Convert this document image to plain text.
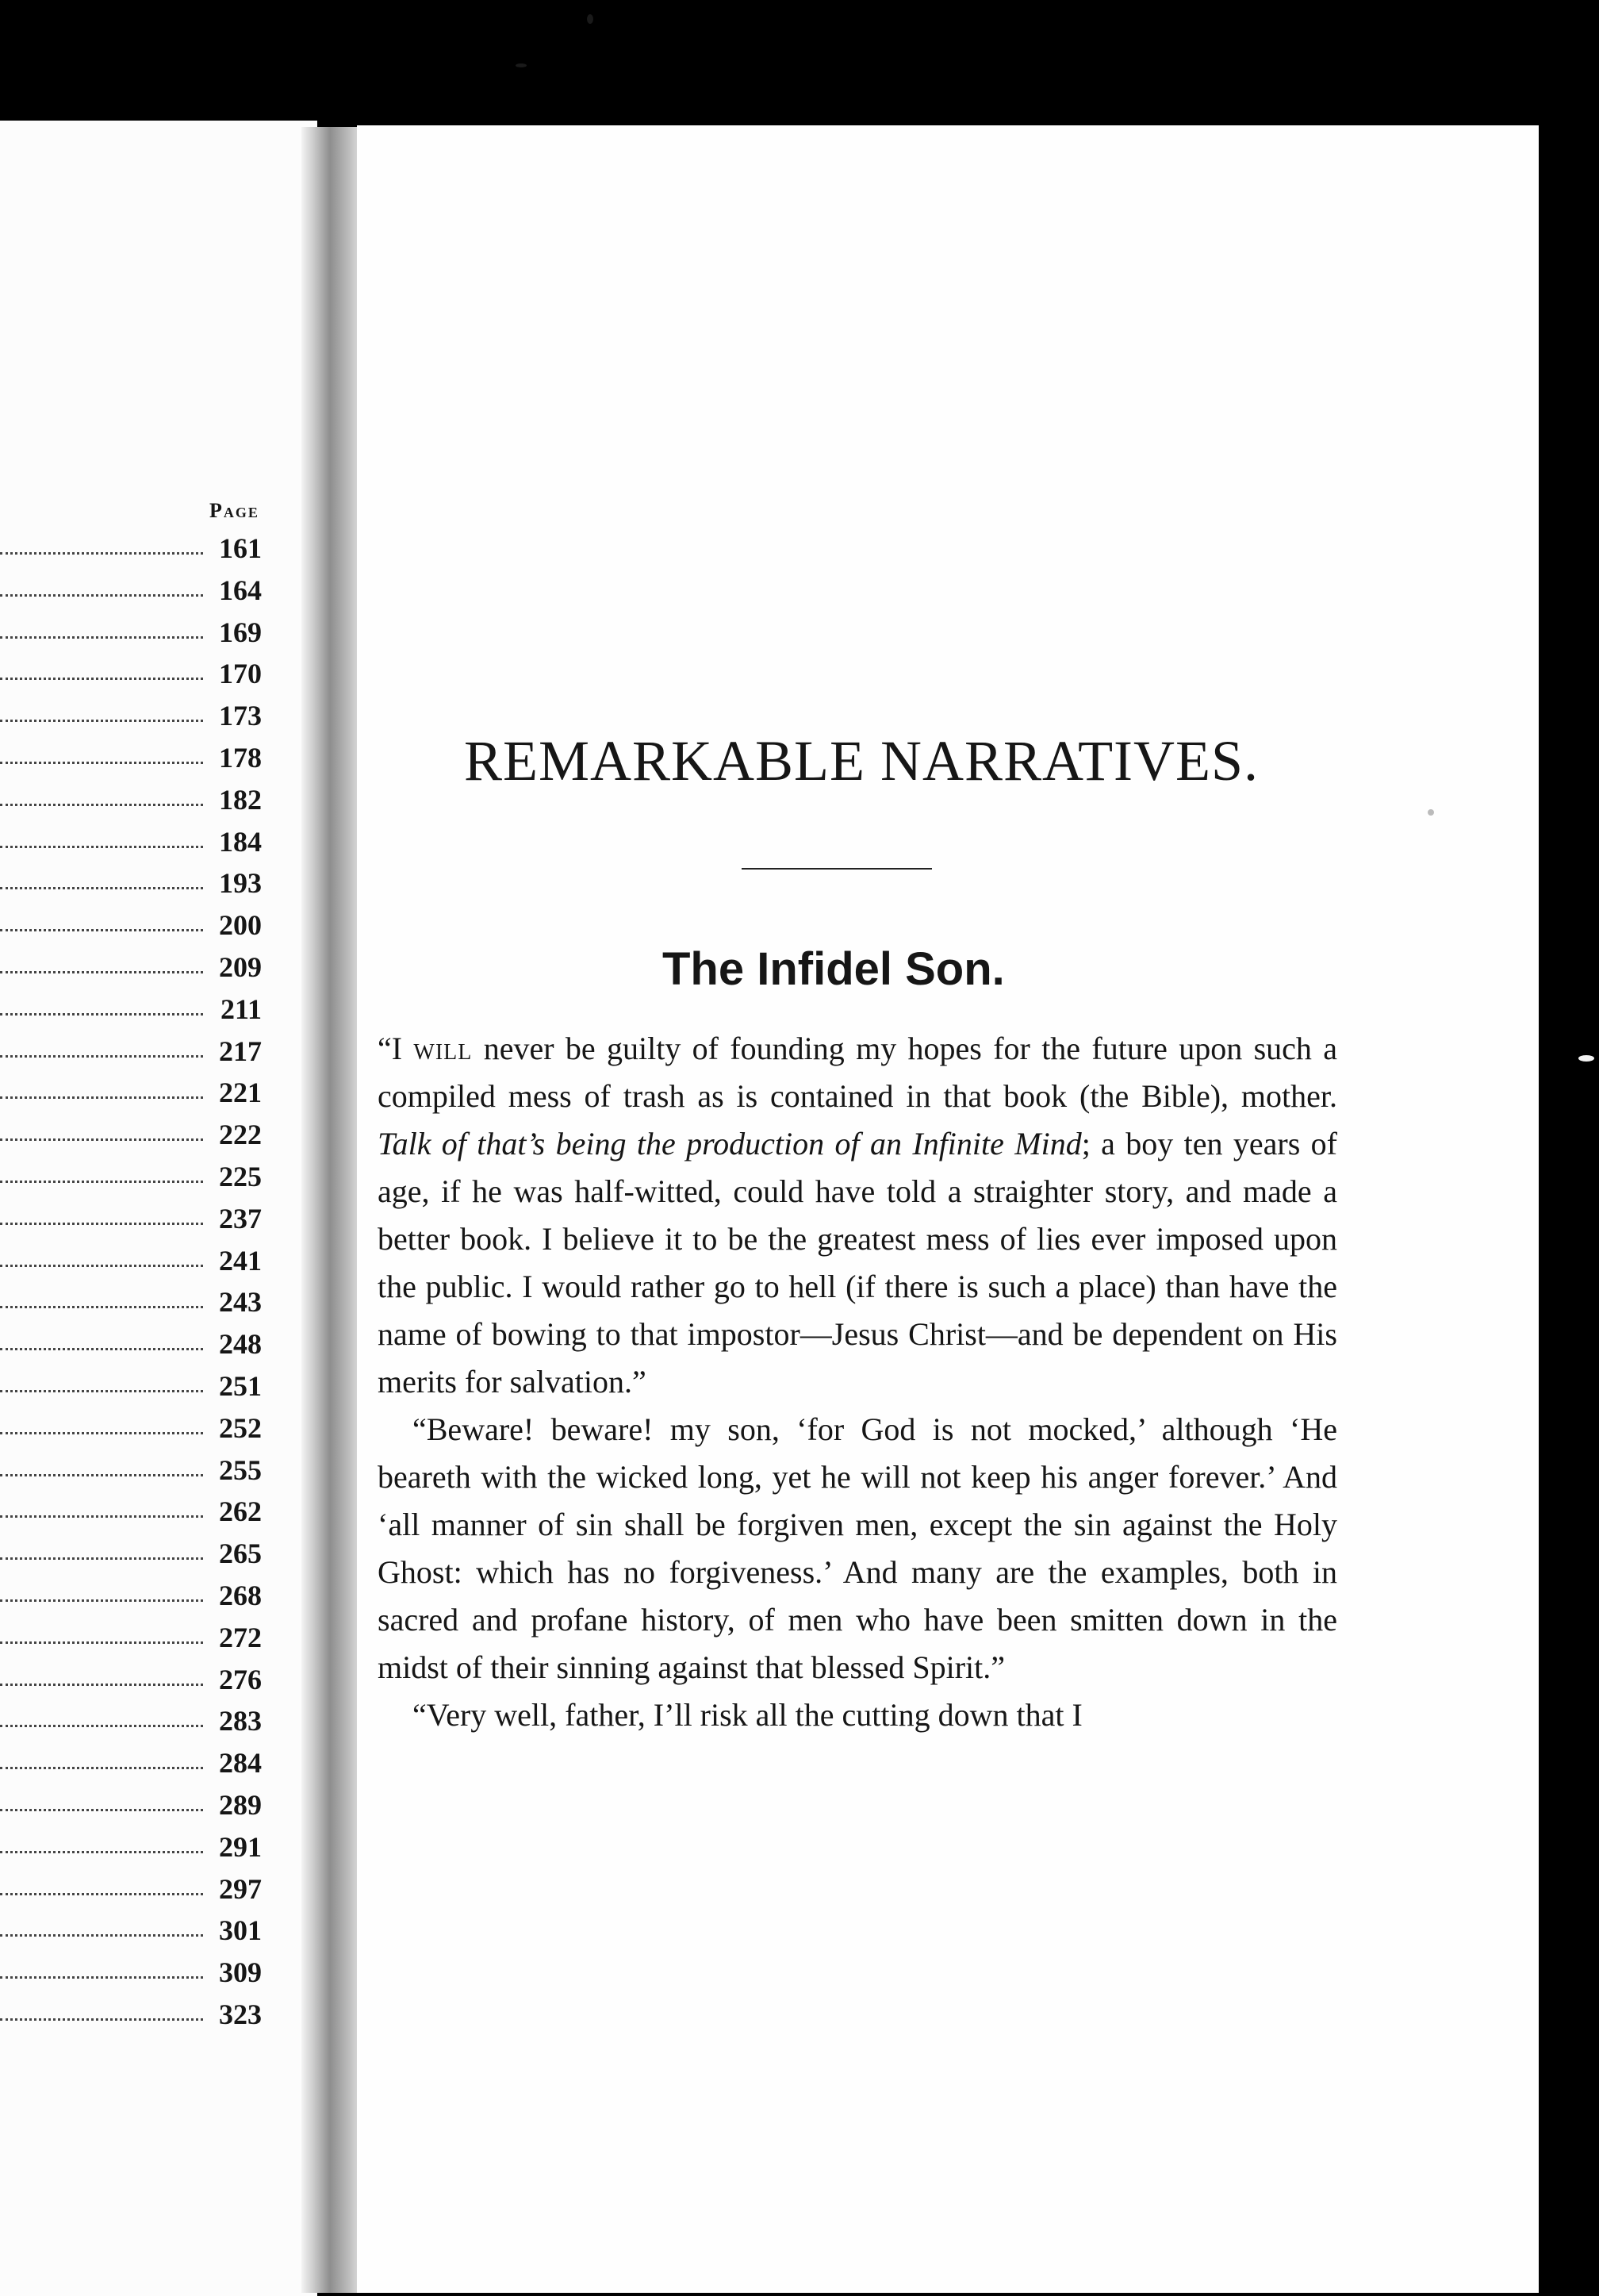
Page
161
164
169
170
173
178
182
184
193
200
209
211
217
221
222
225
237
241
243
248
251
252
255
262
265
268
272
276
283
284
289
291
297
301
309
323
REMARKABLE NARRATIVES.
The Infidel Son.

“I will never be guilty of founding my hopes for the future upon such a compiled mess of trash as is contained in that book (the Bible), mother. Talk of that’s being the production of an Infinite Mind; a boy ten years of age, if he was half-witted, could have told a straighter story, and made a better book. I believe it to be the greatest mess of lies ever imposed upon the public. I would rather go to hell (if there is such a place) than have the name of bowing to that impostor—Jesus Christ—and be dependent on His merits for salvation.”

“Beware! beware! my son, ‘for God is not mocked,’ although ‘He beareth with the wicked long, yet he will not keep his anger forever.’ And ‘all manner of sin shall be forgiven men, except the sin against the Holy Ghost: which has no forgiveness.’ And many are the examples, both in sacred and profane history, of men who have been smitten down in the midst of their sinning against that blessed Spirit.”

“Very well, father, I’ll risk all the cutting down that I
